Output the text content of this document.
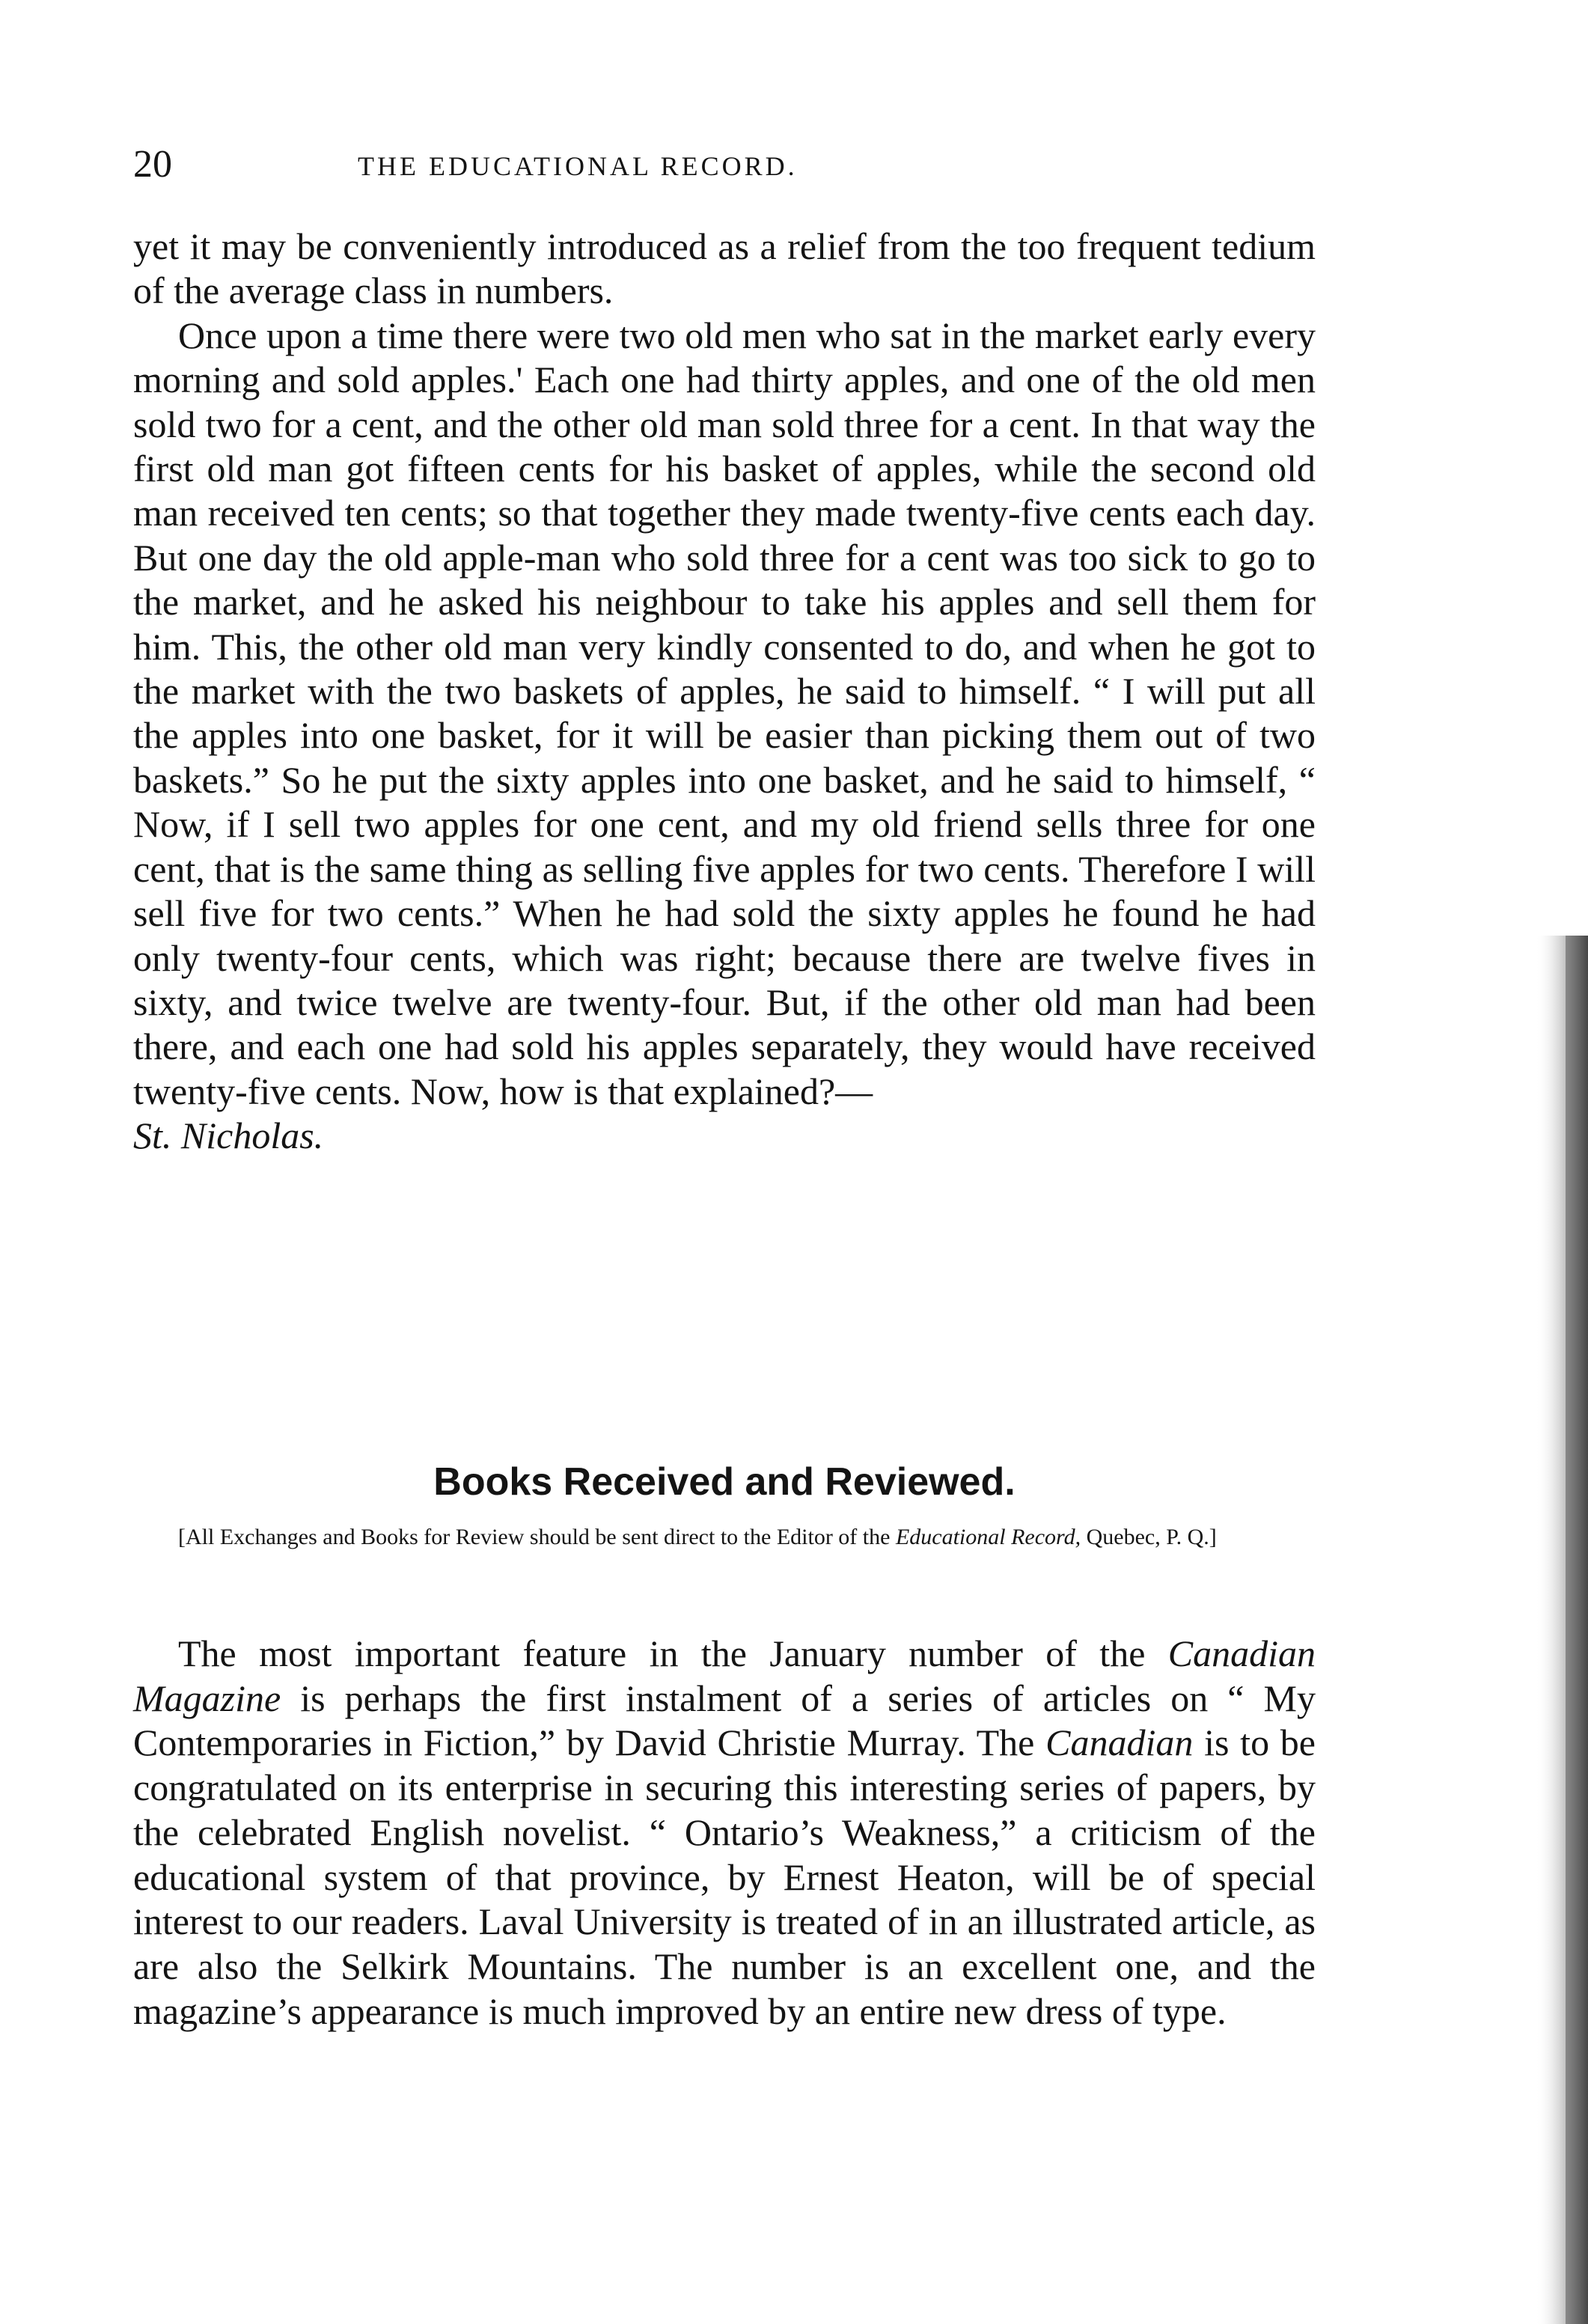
20	THE EDUCATIONAL RECORD.

yet it may be conveniently introduced as a relief from the too frequent tedium of the average class in numbers.

Once upon a time there were two old men who sat in the market early every morning and sold apples.' Each one had thirty apples, and one of the old men sold two for a cent, and the other old man sold three for a cent. In that way the first old man got fifteen cents for his basket of apples, while the second old man received ten cents; so that together they made twenty-five cents each day. But one day the old apple-man who sold three for a cent was too sick to go to the market, and he asked his neighbour to take his apples and sell them for him. This, the other old man very kindly consented to do, and when he got to the market with the two baskets of apples, he said to himself. “ I will put all the apples into one basket, for it will be easier than picking them out of two baskets.” So he put the sixty apples into one basket, and he said to himself, “ Now, if I sell two apples for one cent, and my old friend sells three for one cent, that is the same thing as selling five apples for two cents. Therefore I will sell five for two cents.” When he had sold the sixty apples he found he had only twenty-four cents, which was right; because there are twelve fives in sixty, and twice twelve are twenty-four. But, if the other old man had been there, and each one had sold his apples separately, they would have received twenty-five cents. Now, how is that explained?—

St. Nicholas.

Books Received and Reviewed.

[All Exchanges and Books for Review should be sent direct to the Editor of the Educational Record, Quebec, P. Q.]

The most important feature in the January number of the Canadian Magazine is perhaps the first instalment of a series of articles on “ My Contemporaries in Fiction,” by David Christie Murray. The Canadian is to be congratulated on its enterprise in securing this interesting series of papers, by the celebrated English novelist. “ Ontario’s Weakness,” a criticism of the educational system of that province, by Ernest Heaton, will be of special interest to our readers. Laval University is treated of in an illustrated article, as are also the Selkirk Mountains. The number is an excellent one, and the magazine’s appearance is much improved by an entire new dress of type.
